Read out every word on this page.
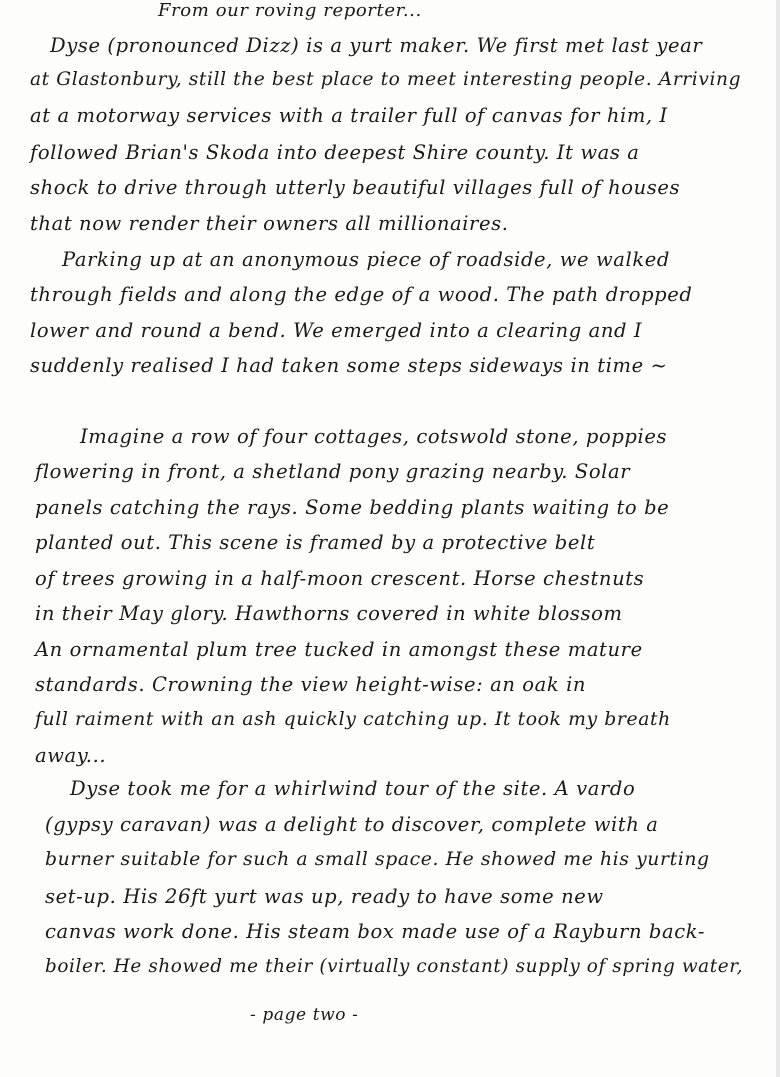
From our roving reporter...
Dyse (pronounced Dizz) is a yurt maker. We first met last year
at Glastonbury, still the best place to meet interesting people. Arriving
at a motorway services with a trailer full of canvas for him, I
followed Brian's Skoda into deepest Shire county. It was a
shock to drive through utterly beautiful villages full of houses
that now render their owners all millionaires.
Parking up at an anonymous piece of roadside, we walked
through fields and along the edge of a wood. The path dropped
lower and round a bend. We emerged into a clearing and I
suddenly realised I had taken some steps sideways in time ~
Imagine a row of four cottages, cotswold stone, poppies
flowering in front, a shetland pony grazing nearby. Solar
panels catching the rays. Some bedding plants waiting to be
planted out. This scene is framed by a protective belt
of trees growing in a half-moon crescent. Horse chestnuts
in their May glory. Hawthorns covered in white blossom
An ornamental plum tree tucked in amongst these mature
standards. Crowning the view height-wise: an oak in
full raiment with an ash quickly catching up. It took my breath
away...
Dyse took me for a whirlwind tour of the site. A vardo
(gypsy caravan) was a delight to discover, complete with a
burner suitable for such a small space. He showed me his yurting
set-up. His 26ft yurt was up, ready to have some new
canvas work done. His steam box made use of a Rayburn back-
boiler. He showed me their (virtually constant) supply of spring water,
- page two -
